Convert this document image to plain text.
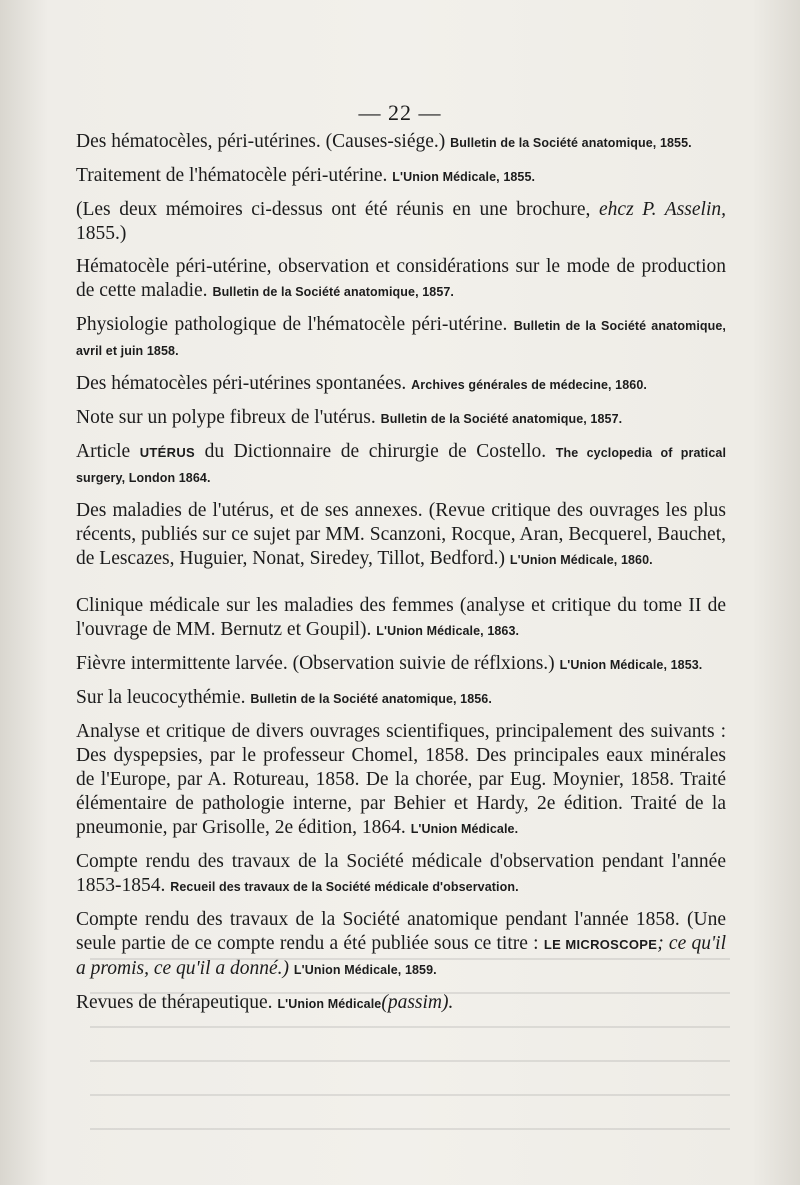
— 22 —
Des hématocèles, péri-utérines. (Causes-siége.) Bulletin de la Société anatomique, 1855.
Traitement de l'hématocèle péri-utérine. L'Union Médicale, 1855.
(Les deux mémoires ci-dessus ont été réunis en une brochure, ehcz P. Asselin, 1855.)
Hématocèle péri-utérine, observation et considérations sur le mode de production de cette maladie. Bulletin de la Société anatomique, 1857.
Physiologie pathologique de l'hématocèle péri-utérine. Bulletin de la Société anatomique, avril et juin 1858.
Des hématocèles péri-utérines spontanées. Archives générales de médecine, 1860.
Note sur un polype fibreux de l'utérus. Bulletin de la Société anatomique, 1857.
Article UTÉRUS du Dictionnaire de chirurgie de Costello. The cyclopedia of pratical surgery, London 1864.
Des maladies de l'utérus, et de ses annexes. (Revue critique des ouvrages les plus récents, publiés sur ce sujet par MM. Scanzoni, Rocque, Aran, Becquerel, Bauchet, de Lescazes, Huguier, Nonat, Siredey, Tillot, Bedford.) L'Union Médicale, 1860.
Clinique médicale sur les maladies des femmes (analyse et critique du tome II de l'ouvrage de MM. Bernutz et Goupil). L'Union Médicale, 1863.
Fièvre intermittente larvée. (Observation suivie de réflxions.) L'Union Médicale, 1853.
Sur la leucocythémie. Bulletin de la Société anatomique, 1856.
Analyse et critique de divers ouvrages scientifiques, principalement des suivants : Des dyspepsies, par le professeur Chomel, 1858. Des principales eaux minérales de l'Europe, par A. Rotureau, 1858. De la chorée, par Eug. Moynier, 1858. Traité élémentaire de pathologie interne, par Behier et Hardy, 2e édition. Traité de la pneumonie, par Grisolle, 2e édition, 1864. L'Union Médicale.
Compte rendu des travaux de la Société médicale d'observation pendant l'année 1853-1854. Recueil des travaux de la Société médicale d'observation.
Compte rendu des travaux de la Société anatomique pendant l'année 1858. (Une seule partie de ce compte rendu a été publiée sous ce titre : LE MICROSCOPE; ce qu'il a promis, ce qu'il a donné.) L'Union Médicale, 1859.
Revues de thérapeutique. L'Union Médicale(passim).
